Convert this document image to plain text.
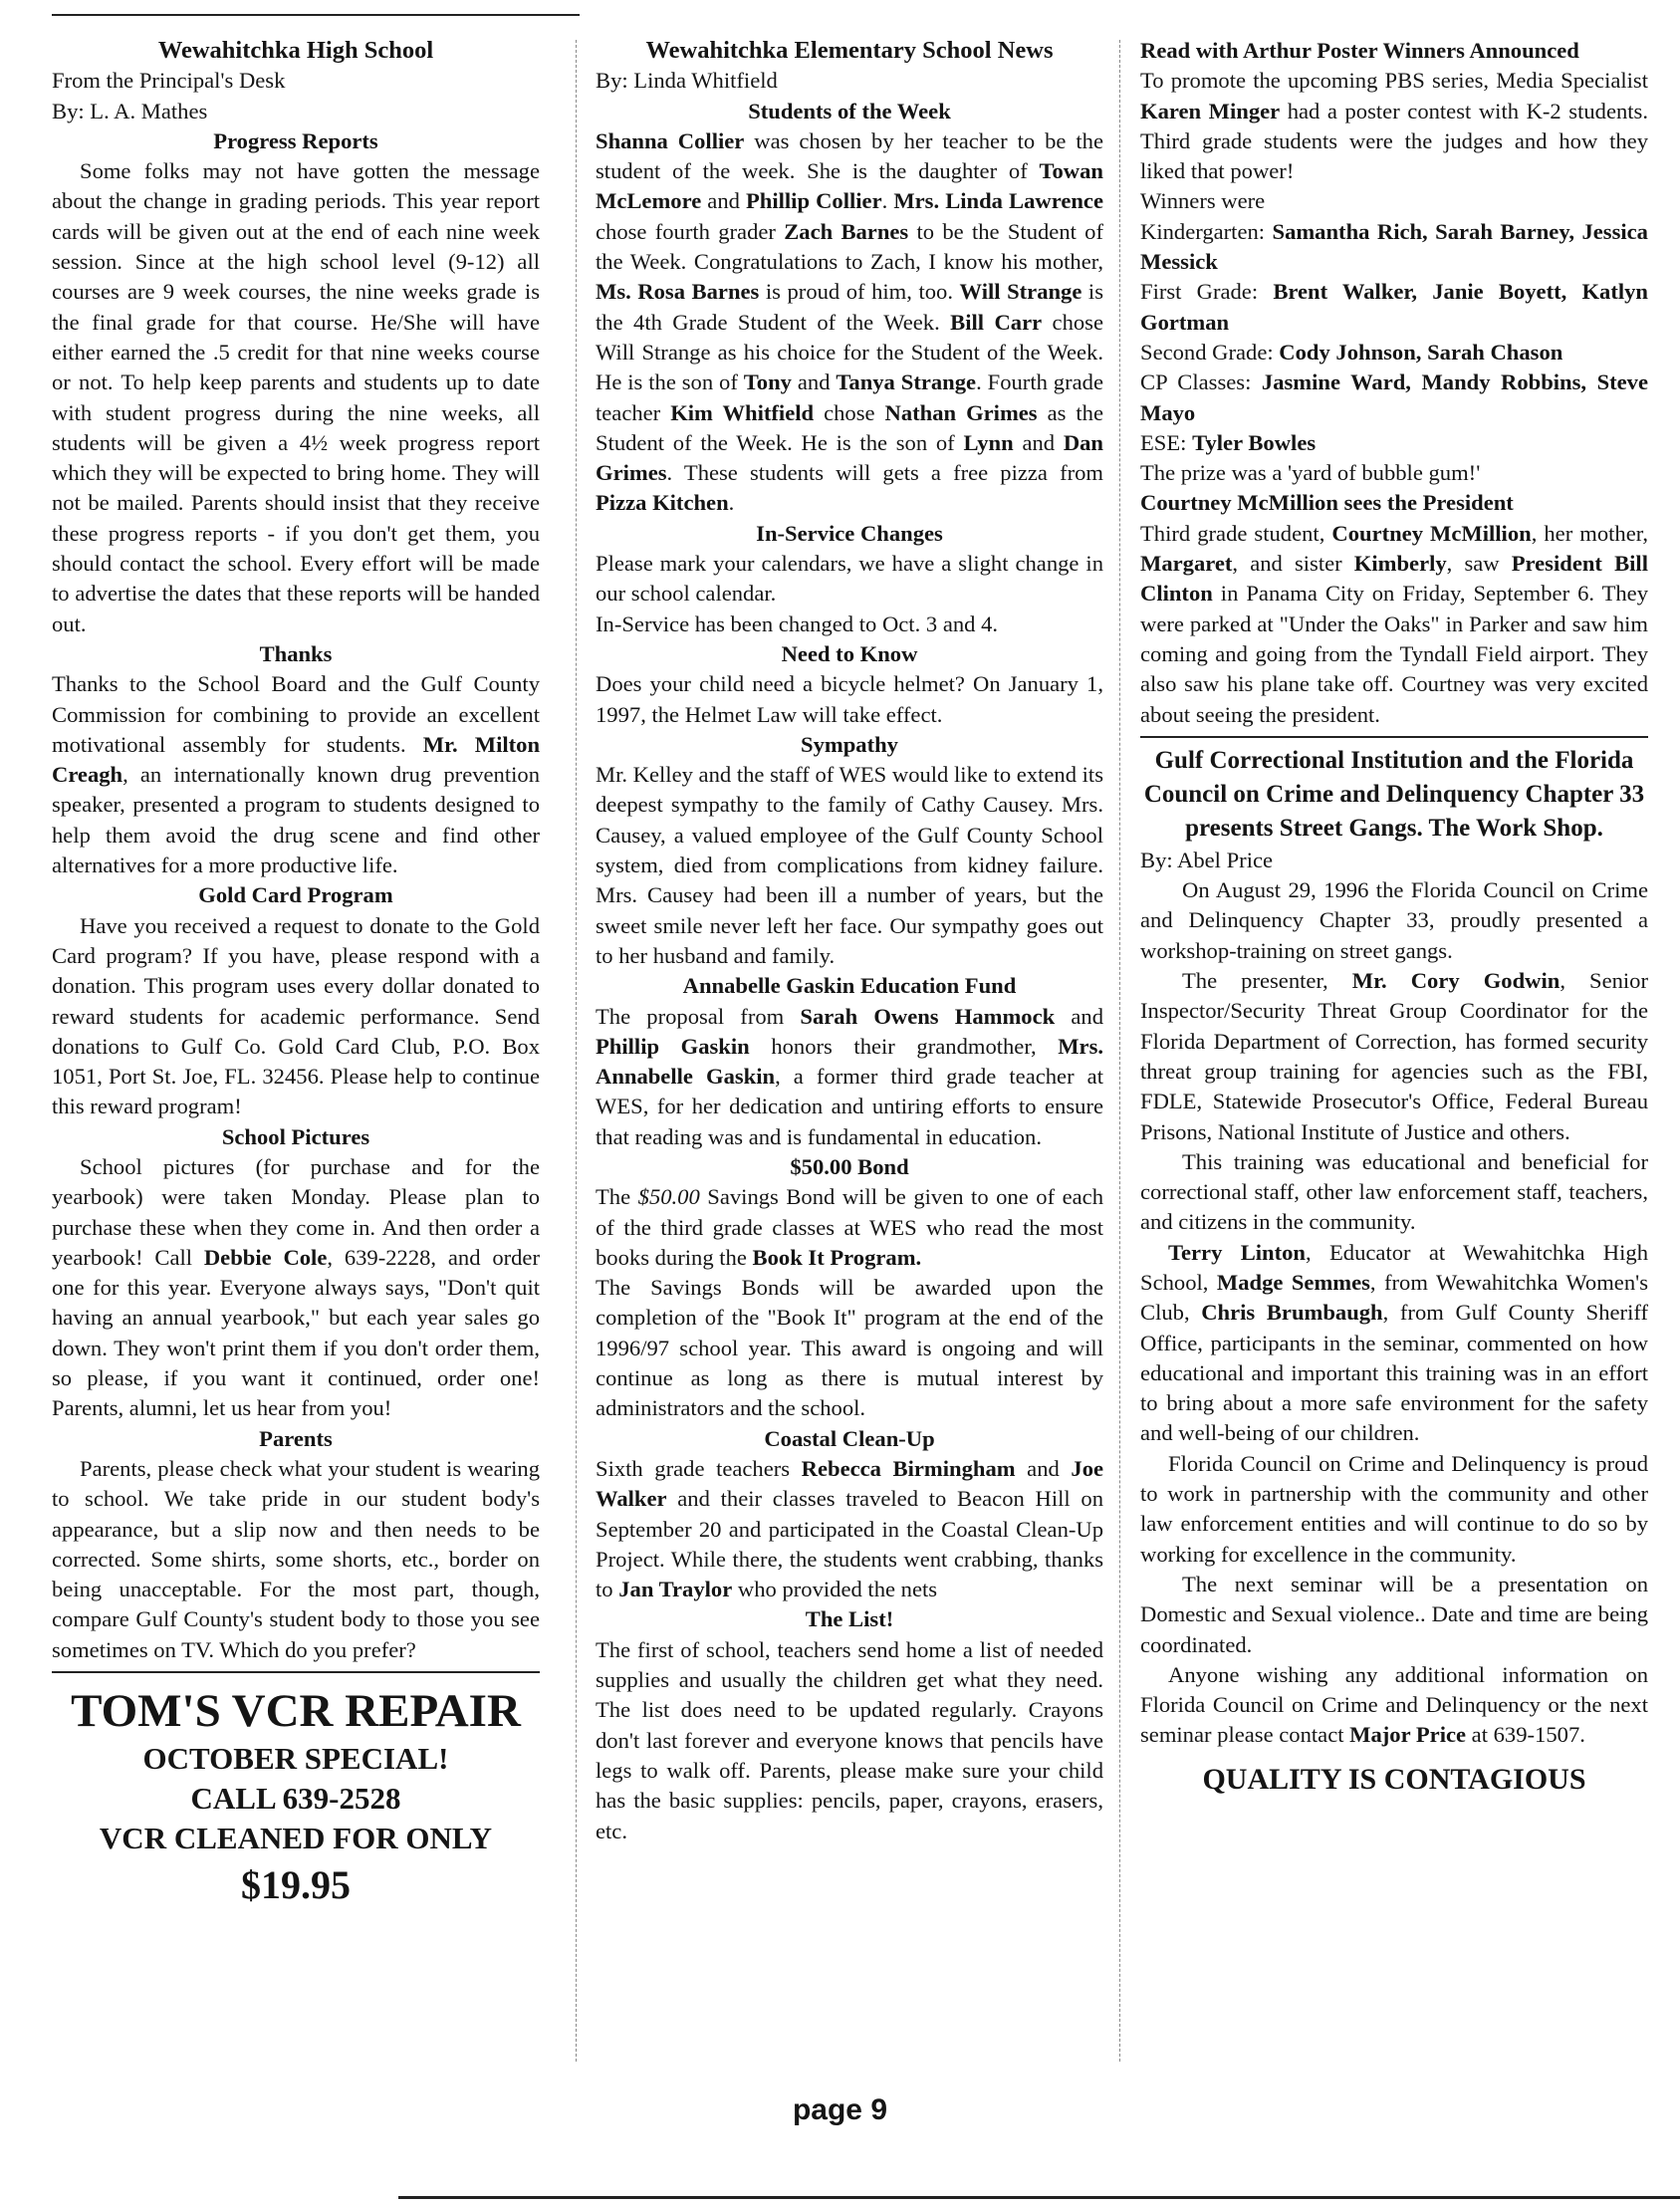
Wewahitchka High School

From the Principal's Desk

By: L. A. Mathes

Progress Reports

Some folks may not have gotten the message about the change in grading periods. This year report cards will be given out at the end of each nine week session. Since at the high school level (9-12) all courses are 9 week courses, the nine weeks grade is the final grade for that course. He/She will have either earned the .5 credit for that nine weeks course or not. To help keep parents and students up to date with student progress during the nine weeks, all students will be given a 4½ week progress report which they will be expected to bring home. They will not be mailed. Parents should insist that they receive these progress reports - if you don't get them, you should contact the school. Every effort will be made to advertise the dates that these reports will be handed out.

Thanks

Thanks to the School Board and the Gulf County Commission for combining to provide an excellent motivational assembly for students. Mr. Milton Creagh, an internationally known drug prevention speaker, presented a program to students designed to help them avoid the drug scene and find other alternatives for a more productive life.

Gold Card Program

Have you received a request to donate to the Gold Card program? If you have, please respond with a donation. This program uses every dollar donated to reward students for academic performance. Send donations to Gulf Co. Gold Card Club, P.O. Box 1051, Port St. Joe, FL. 32456. Please help to continue this reward program!

School Pictures

School pictures (for purchase and for the yearbook) were taken Monday. Please plan to purchase these when they come in. And then order a yearbook! Call Debbie Cole, 639-2228, and order one for this year. Everyone always says, "Don't quit having an annual yearbook," but each year sales go down. They won't print them if you don't order them, so please, if you want it continued, order one! Parents, alumni, let us hear from you!

Parents

Parents, please check what your student is wearing to school. We take pride in our student body's appearance, but a slip now and then needs to be corrected. Some shirts, some shorts, etc., border on being unacceptable. For the most part, though, compare Gulf County's student body to those you see sometimes on TV. Which do you prefer?

TOM'S VCR REPAIR

OCTOBER SPECIAL!

CALL 639-2528

VCR CLEANED FOR ONLY

$19.95

Wewahitchka Elementary School News

By: Linda Whitfield

Students of the Week

Shanna Collier was chosen by her teacher to be the student of the week. She is the daughter of Towan McLemore and Phillip Collier. Mrs. Linda Lawrence chose fourth grader Zach Barnes to be the Student of the Week. Congratulations to Zach, I know his mother, Ms. Rosa Barnes is proud of him, too. Will Strange is the 4th Grade Student of the Week. Bill Carr chose Will Strange as his choice for the Student of the Week. He is the son of Tony and Tanya Strange. Fourth grade teacher Kim Whitfield chose Nathan Grimes as the Student of the Week. He is the son of Lynn and Dan Grimes. These students will gets a free pizza from Pizza Kitchen.

In-Service Changes

Please mark your calendars, we have a slight change in our school calendar.

In-Service has been changed to Oct. 3 and 4.

Need to Know

Does your child need a bicycle helmet? On January 1, 1997, the Helmet Law will take effect.

Sympathy

Mr. Kelley and the staff of WES would like to extend its deepest sympathy to the family of Cathy Causey. Mrs. Causey, a valued employee of the Gulf County School system, died from complications from kidney failure. Mrs. Causey had been ill a number of years, but the sweet smile never left her face. Our sympathy goes out to her husband and family.

Annabelle Gaskin Education Fund

The proposal from Sarah Owens Hammock and Phillip Gaskin honors their grandmother, Mrs. Annabelle Gaskin, a former third grade teacher at WES, for her dedication and untiring efforts to ensure that reading was and is fundamental in education.

$50.00 Bond

The $50.00 Savings Bond will be given to one of each of the third grade classes at WES who read the most books during the Book It Program.

The Savings Bonds will be awarded upon the completion of the "Book It" program at the end of the 1996/97 school year. This award is ongoing and will continue as long as there is mutual interest by administrators and the school.

Coastal Clean-Up

Sixth grade teachers Rebecca Birmingham and Joe Walker and their classes traveled to Beacon Hill on September 20 and participated in the Coastal Clean-Up Project. While there, the students went crabbing, thanks to Jan Traylor who provided the nets

The List!

The first of school, teachers send home a list of needed supplies and usually the children get what they need. The list does need to be updated regularly. Crayons don't last forever and everyone knows that pencils have legs to walk off. Parents, please make sure your child has the basic supplies: pencils, paper, crayons, erasers, etc.

Read with Arthur Poster Winners Announced

To promote the upcoming PBS series, Media Specialist Karen Minger had a poster contest with K-2 students. Third grade students were the judges and how they liked that power!

Winners were

Kindergarten: Samantha Rich, Sarah Barney, Jessica Messick

First Grade: Brent Walker, Janie Boyett, Katlyn Gortman

Second Grade: Cody Johnson, Sarah Chason

CP Classes: Jasmine Ward, Mandy Robbins, Steve Mayo

ESE: Tyler Bowles

The prize was a 'yard of bubble gum!'

Courtney McMillion sees the President

Third grade student, Courtney McMillion, her mother, Margaret, and sister Kimberly, saw President Bill Clinton in Panama City on Friday, September 6. They were parked at "Under the Oaks" in Parker and saw him coming and going from the Tyndall Field airport. They also saw his plane take off. Courtney was very excited about seeing the president.

Gulf Correctional Institution and the Florida Council on Crime and Delinquency Chapter 33 presents Street Gangs. The Work Shop.

By: Abel Price

On August 29, 1996 the Florida Council on Crime and Delinquency Chapter 33, proudly presented a workshop-training on street gangs.

The presenter, Mr. Cory Godwin, Senior Inspector/Security Threat Group Coordinator for the Florida Department of Correction, has formed security threat group training for agencies such as the FBI, FDLE, Statewide Prosecutor's Office, Federal Bureau Prisons, National Institute of Justice and others.

This training was educational and beneficial for correctional staff, other law enforcement staff, teachers, and citizens in the community.

Terry Linton, Educator at Wewahitchka High School, Madge Semmes, from Wewahitchka Women's Club, Chris Brumbaugh, from Gulf County Sheriff Office, participants in the seminar, commented on how educational and important this training was in an effort to bring about a more safe environment for the safety and well-being of our children.

Florida Council on Crime and Delinquency is proud to work in partnership with the community and other law enforcement entities and will continue to do so by working for excellence in the community.

The next seminar will be a presentation on Domestic and Sexual violence.. Date and time are being coordinated.

Anyone wishing any additional information on Florida Council on Crime and Delinquency or the next seminar please contact Major Price at 639-1507.

QUALITY IS CONTAGIOUS

page 9
